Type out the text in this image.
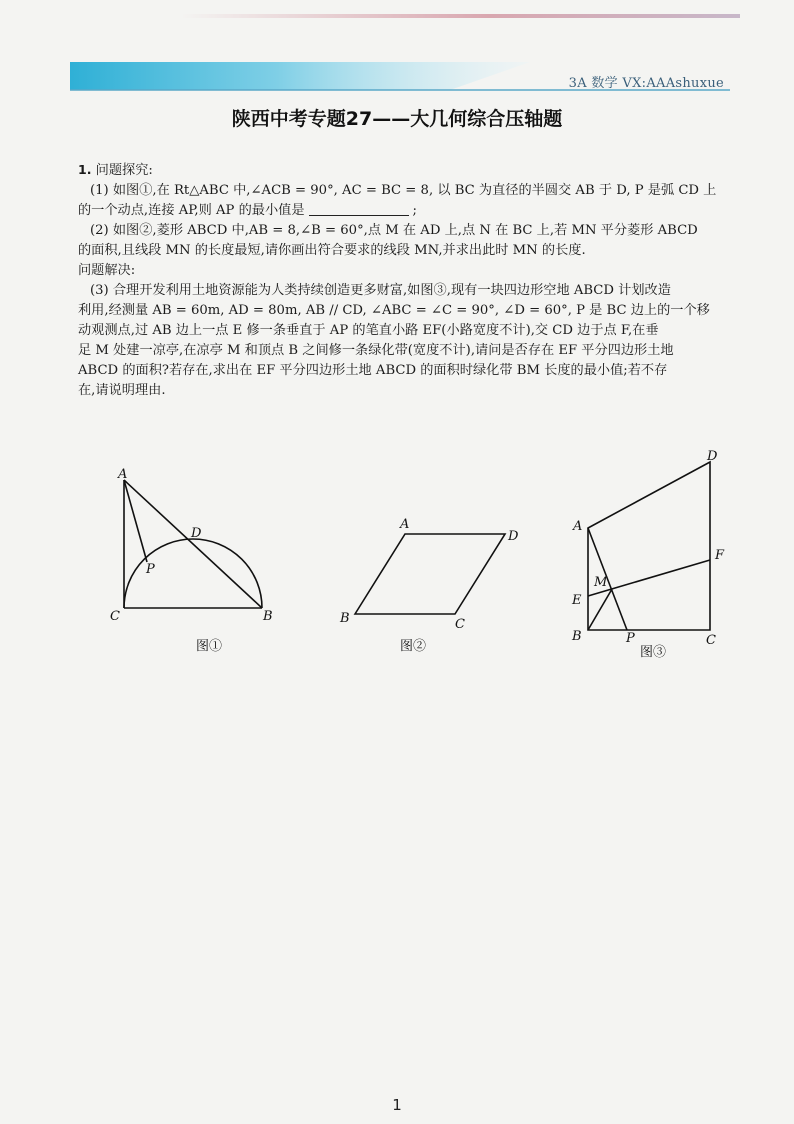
3A 数学 VX:AAAshuxue
陕西中考专题27——大几何综合压轴题

1. 问题探究:

(1) 如图①,在 Rt△ABC 中,∠ACB = 90°, AC = BC = 8, 以 BC 为直径的半圆交 AB 于 D, P 是弧 CD 上

的一个动点,连接 AP,则 AP 的最小值是	;

(2) 如图②,菱形 ABCD 中,AB = 8,∠B = 60°,点 M 在 AD 上,点 N 在 BC 上,若 MN 平分菱形 ABCD

的面积,且线段 MN 的长度最短,请你画出符合要求的线段 MN,并求出此时 MN 的长度.

问题解决:

(3) 合理开发利用土地资源能为人类持续创造更多财富,如图③,现有一块四边形空地 ABCD 计划改造

利用,经测量 AB = 60m, AD = 80m, AB // CD, ∠ABC = ∠C = 90°, ∠D = 60°, P 是 BC 边上的一个移

动观测点,过 AB 边上一点 E 修一条垂直于 AP 的笔直小路 EF(小路宽度不计),交 CD 边于点 F,在垂

足 M 处建一凉亭,在凉亭 M 和顶点 B 之间修一条绿化带(宽度不计),请问是否存在 EF 平分四边形土地

ABCD 的面积?若存在,求出在 EF 平分四边形土地 ABCD 的面积时绿化带 BM 长度的最小值;若不存

在,请说明理由.

A
C	B
D
P
图①
A
D
B	C
图②
D
A
F
M
E
B	P	C
图③
1
